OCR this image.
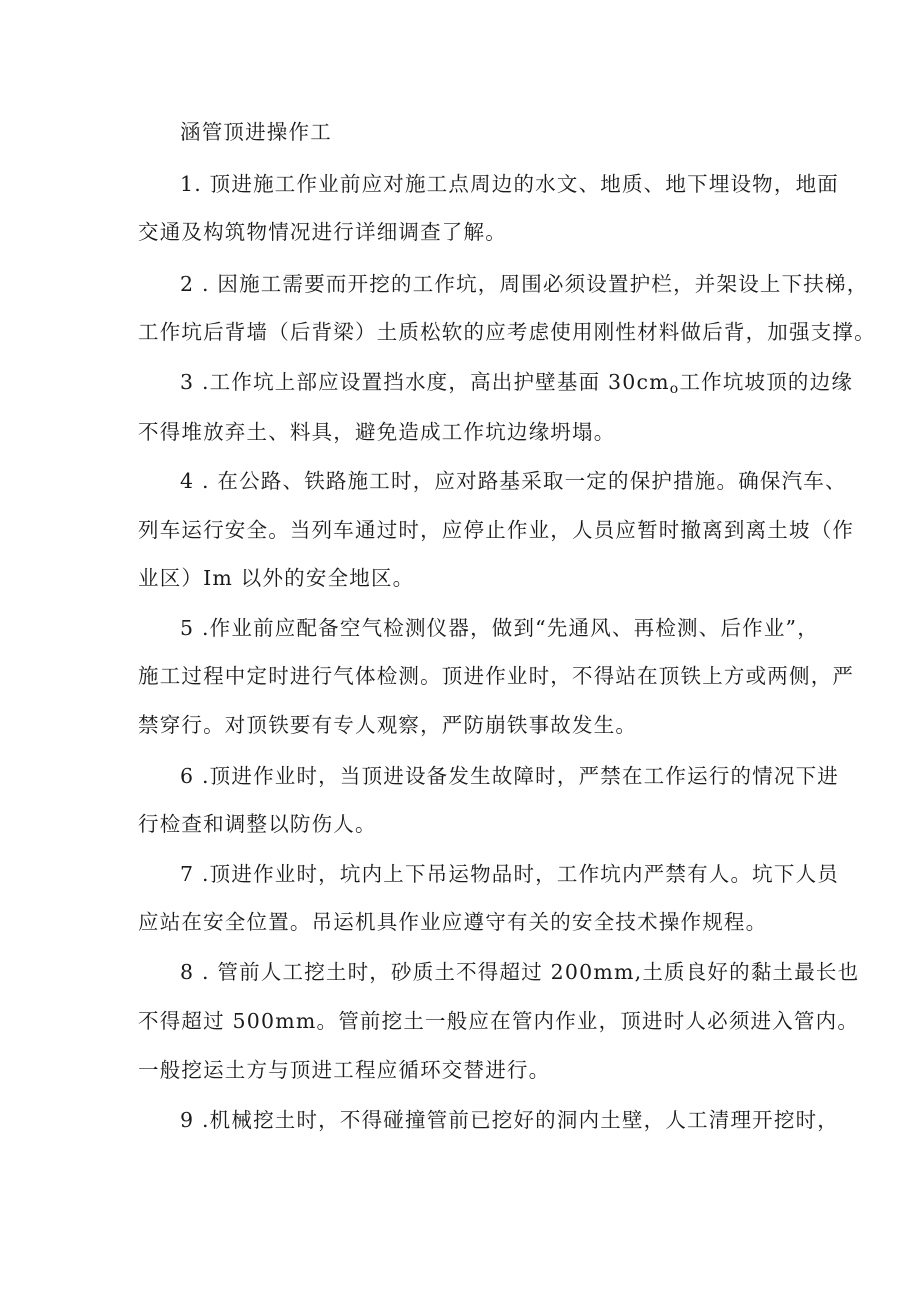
涵管顶进操作工
1. 顶进施工作业前应对施工点周边的水文、地质、地下埋设物，地面
交通及构筑物情况进行详细调查了解。
2 . 因施工需要而开挖的工作坑，周围必须设置护栏，并架设上下扶梯，
工作坑后背墙（后背梁）土质松软的应考虑使用刚性材料做后背，加强支撑。
3 .工作坑上部应设置挡水度，高出护壁基面 $30cm_o$工作坑坡顶的边缘
不得堆放弃土、料具，避免造成工作坑边缘坍塌。
4 . 在公路、铁路施工时，应对路基采取一定的保护措施。确保汽车、
列车运行安全。当列车通过时，应停止作业，人员应暂时撤离到离土坡（作
业区）Im 以外的安全地区。
5 .作业前应配备空气检测仪器，做到“先通风、再检测、后作业”，
施工过程中定时进行气体检测。顶进作业时，不得站在顶铁上方或两侧，严
禁穿行。对顶铁要有专人观察，严防崩铁事故发生。
6 .顶进作业时，当顶进设备发生故障时，严禁在工作运行的情况下进
行检查和调整以防伤人。
7 .顶进作业时，坑内上下吊运物品时，工作坑内严禁有人。坑下人员
应站在安全位置。吊运机具作业应遵守有关的安全技术操作规程。
8 . 管前人工挖土时，砂质土不得超过 200mm,土质良好的黏土最长也
不得超过 500mm。管前挖土一般应在管内作业，顶进时人必须进入管内。
一般挖运土方与顶进工程应循环交替进行。
9 .机械挖土时，不得碰撞管前已挖好的洞内土壁，人工清理开挖时，
